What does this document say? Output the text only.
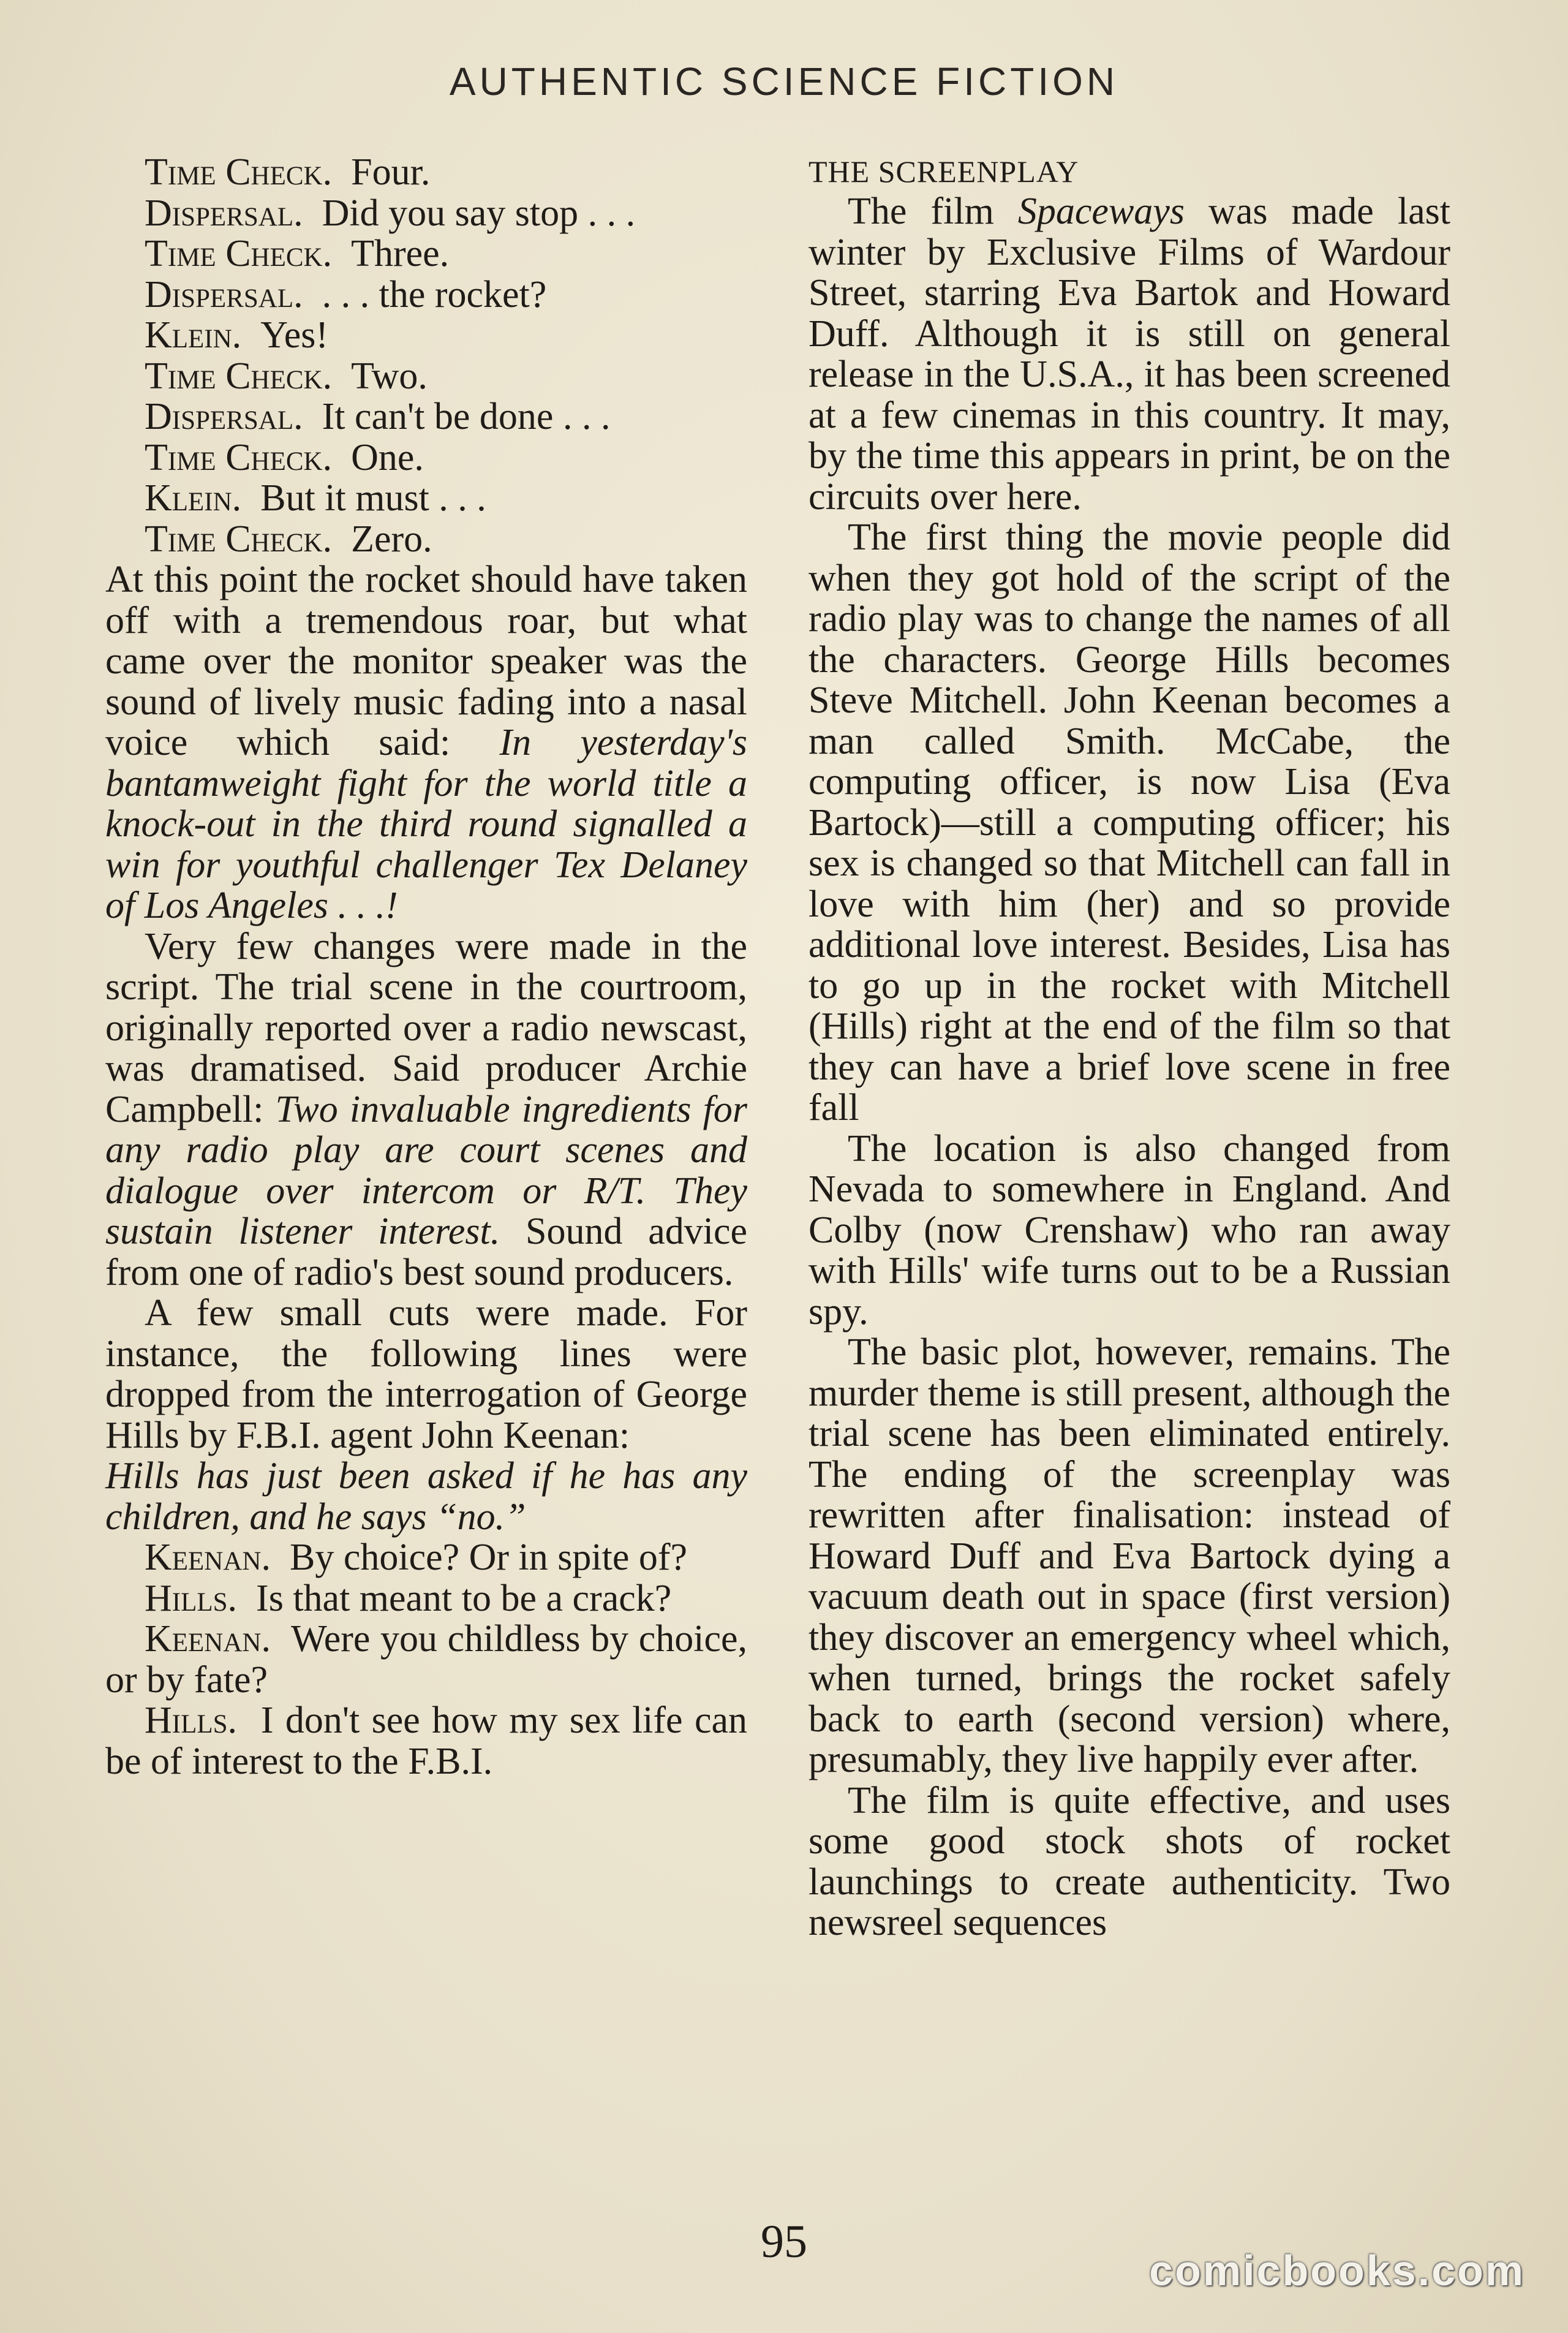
AUTHENTIC SCIENCE FICTION

Time Check. Four.

Dispersal. Did you say stop . . .

Time Check. Three.

Dispersal. . . . the rocket?

Klein. Yes!

Time Check. Two.

Dispersal. It can't be done . . .

Time Check. One.

Klein. But it must . . .

Time Check. Zero.

At this point the rocket should have taken off with a tremendous roar, but what came over the monitor speaker was the sound of lively music fading into a nasal voice which said: In yesterday's bantamweight fight for the world title a knock-out in the third round signalled a win for youthful challenger Tex Delaney of Los Angeles . . .!

Very few changes were made in the script. The trial scene in the courtroom, originally reported over a radio newscast, was dramatised. Said producer Archie Campbell: Two invaluable ingredients for any radio play are court scenes and dialogue over intercom or R/T. They sustain listener interest. Sound advice from one of radio's best sound producers.

A few small cuts were made. For instance, the following lines were dropped from the interrogation of George Hills by F.B.I. agent John Keenan:

Hills has just been asked if he has any children, and he says “no.”

Keenan. By choice? Or in spite of?

Hills. Is that meant to be a crack?

Keenan. Were you childless by choice, or by fate?

Hills. I don't see how my sex life can be of interest to the F.B.I.

THE SCREENPLAY

The film Spaceways was made last winter by Exclusive Films of Wardour Street, starring Eva Bartok and Howard Duff. Although it is still on general release in the U.S.A., it has been screened at a few cinemas in this country. It may, by the time this appears in print, be on the circuits over here.

The first thing the movie people did when they got hold of the script of the radio play was to change the names of all the characters. George Hills becomes Steve Mitchell. John Keenan becomes a man called Smith. McCabe, the computing officer, is now Lisa (Eva Bartock)—still a computing officer; his sex is changed so that Mitchell can fall in love with him (her) and so provide additional love interest. Besides, Lisa has to go up in the rocket with Mitchell (Hills) right at the end of the film so that they can have a brief love scene in free fall

The location is also changed from Nevada to somewhere in England. And Colby (now Crenshaw) who ran away with Hills' wife turns out to be a Russian spy.

The basic plot, however, remains. The murder theme is still present, although the trial scene has been eliminated entirely. The ending of the screenplay was rewritten after finalisation: instead of Howard Duff and Eva Bartock dying a vacuum death out in space (first version) they discover an emergency wheel which, when turned, brings the rocket safely back to earth (second version) where, presumably, they live happily ever after.

The film is quite effective, and uses some good stock shots of rocket launchings to create authenticity. Two newsreel sequences

95
comicbooks.com
